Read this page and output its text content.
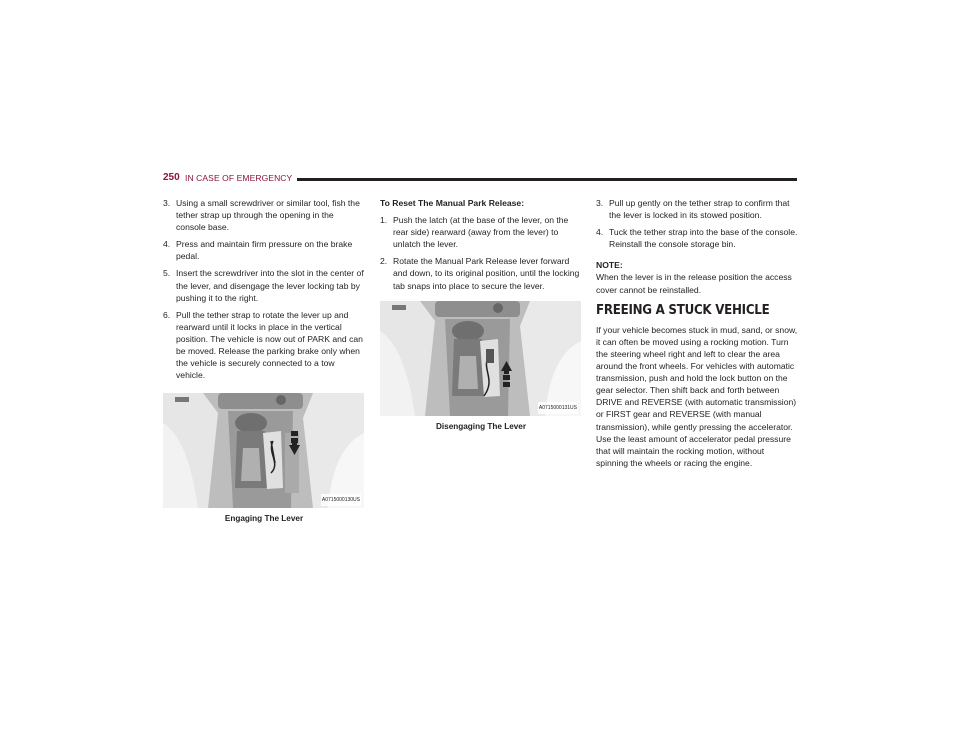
250 IN CASE OF EMERGENCY
3. Using a small screwdriver or similar tool, fish the tether strap up through the opening in the console base.
4. Press and maintain firm pressure on the brake pedal.
5. Insert the screwdriver into the slot in the center of the lever, and disengage the lever locking tab by pushing it to the right.
6. Pull the tether strap to rotate the lever up and rearward until it locks in place in the vertical position. The vehicle is now out of PARK and can be moved. Release the parking brake only when the vehicle is securely connected to a tow vehicle.
A0715000130US
Engaging The Lever
To Reset The Manual Park Release:
1. Push the latch (at the base of the lever, on the rear side) rearward (away from the lever) to unlatch the lever.
2. Rotate the Manual Park Release lever forward and down, to its original position, until the locking tab snaps into place to secure the lever.
A0715000131US
Disengaging The Lever
3. Pull up gently on the tether strap to confirm that the lever is locked in its stowed position.
4. Tuck the tether strap into the base of the console. Reinstall the console storage bin.
NOTE:

When the lever is in the release position the access cover cannot be reinstalled.

FREEING A STUCK VEHICLE

If your vehicle becomes stuck in mud, sand, or snow, it can often be moved using a rocking motion. Turn the steering wheel right and left to clear the area around the front wheels. For vehicles with automatic transmission, push and hold the lock button on the gear selector. Then shift back and forth between DRIVE and REVERSE (with automatic transmission) or FIRST gear and REVERSE (with manual transmission), while gently pressing the accelerator. Use the least amount of accelerator pedal pressure that will maintain the rocking motion, without spinning the wheels or racing the engine.
